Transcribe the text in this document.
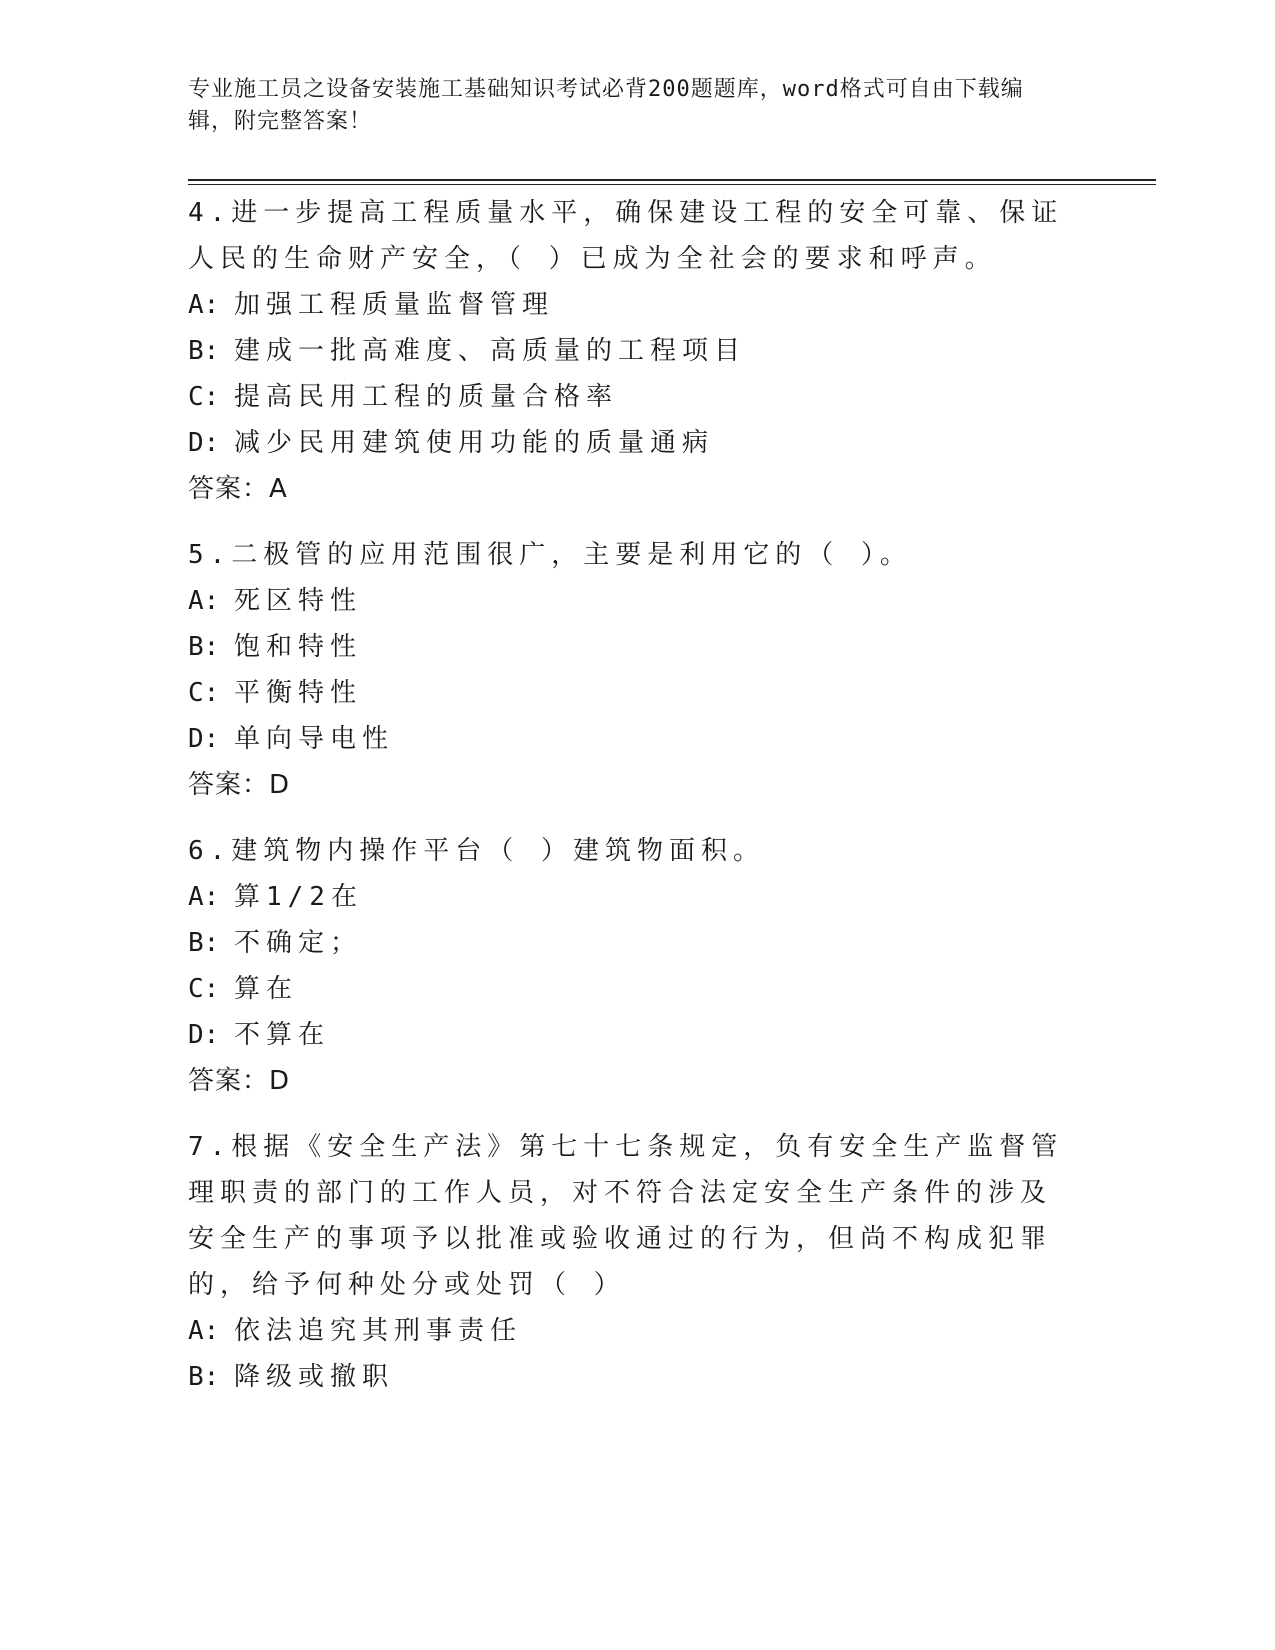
专业施工员之设备安装施工基础知识考试必背200题题库，word格式可自由下载编辑，附完整答案！
4.进一步提高工程质量水平，确保建设工程的安全可靠、保证人民的生命财产安全，（ ）已成为全社会的要求和呼声。
A: 加强工程质量监督管理
B: 建成一批高难度、高质量的工程项目
C: 提高民用工程的质量合格率
D: 减少民用建筑使用功能的质量通病
答案：A
5.二极管的应用范围很广，主要是利用它的（ ）。
A: 死区特性
B: 饱和特性
C: 平衡特性
D: 单向导电性
答案：D
6.建筑物内操作平台（ ）建筑物面积。
A: 算1/2在
B: 不确定；
C: 算在
D: 不算在
答案：D
7.根据《安全生产法》第七十七条规定，负有安全生产监督管理职责的部门的工作人员，对不符合法定安全生产条件的涉及安全生产的事项予以批准或验收通过的行为，但尚不构成犯罪的，给予何种处分或处罚（ ）
A: 依法追究其刑事责任
B: 降级或撤职
